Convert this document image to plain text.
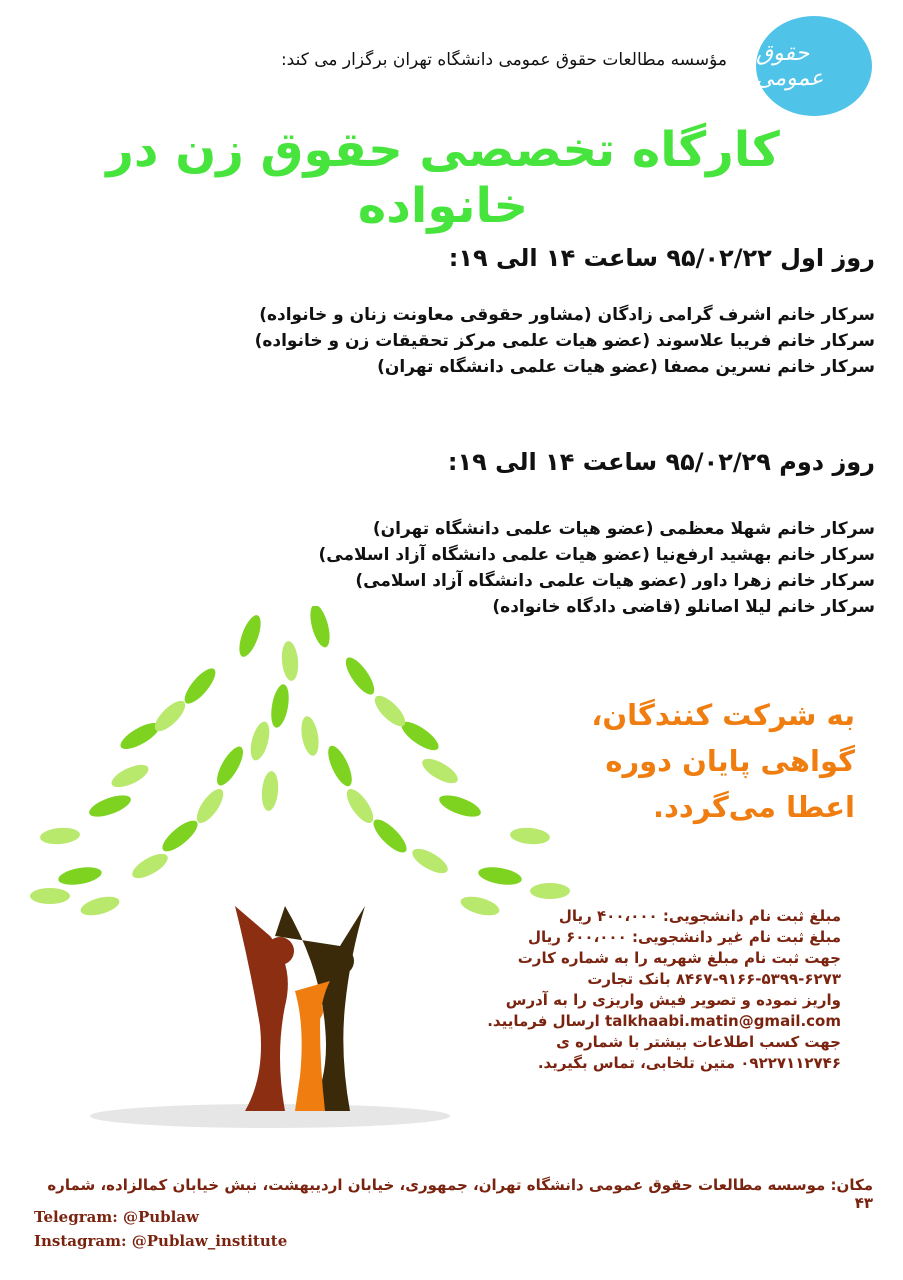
حقوق عمومی
مؤسسه مطالعات حقوق عمومی دانشگاه تهران برگزار می کند:
کارگاه تخصصی حقوق زن در خانواده
روز اول ۹۵/۰۲/۲۲ ساعت ۱۴ الی ۱۹:
سرکار خانم اشرف گرامی زادگان (مشاور حقوقی معاونت زنان و خانواده)
سرکار خانم فریبا علاسوند (عضو هیات علمی مرکز تحقیقات زن و خانواده)
سرکار خانم نسرین مصفا (عضو هیات علمی دانشگاه تهران)
روز دوم ۹۵/۰۲/۲۹ ساعت ۱۴ الی ۱۹:
سرکار خانم شهلا معظمی (عضو هیات علمی دانشگاه تهران)
سرکار خانم بهشید ارفع‌نیا (عضو هیات علمی دانشگاه آزاد اسلامی)
سرکار خانم زهرا داور (عضو هیات علمی دانشگاه آزاد اسلامی)
سرکار خانم لیلا اصانلو (قاضی دادگاه خانواده)
به شرکت کنندگان،
گواهی پایان دوره
اعطا می‌گردد.
مبلغ ثبت نام دانشجویی: ۴۰۰،۰۰۰ ریال
مبلغ ثبت نام غیر دانشجویی: ۶۰۰،۰۰۰ ریال
جهت ثبت نام مبلغ شهریه را به شماره کارت
۸۴۶۷-۹۱۶۶-۵۳۹۹-۶۲۷۳ بانک تجارت
واریز نموده و تصویر فیش واریزی را به آدرس
talkhaabi.matin@gmail.com ارسال فرمایید.
جهت کسب اطلاعات بیشتر با شماره ی
۰۹۲۲۷۱۱۲۷۴۶ متین تلخابی، تماس بگیرید.
مکان: موسسه مطالعات حقوق عمومی دانشگاه تهران، جمهوری، خیابان اردیبهشت، نبش خیابان کمالزاده، شماره ۴۳
Telegram: @Publaw
Instagram: @Publaw_institute
